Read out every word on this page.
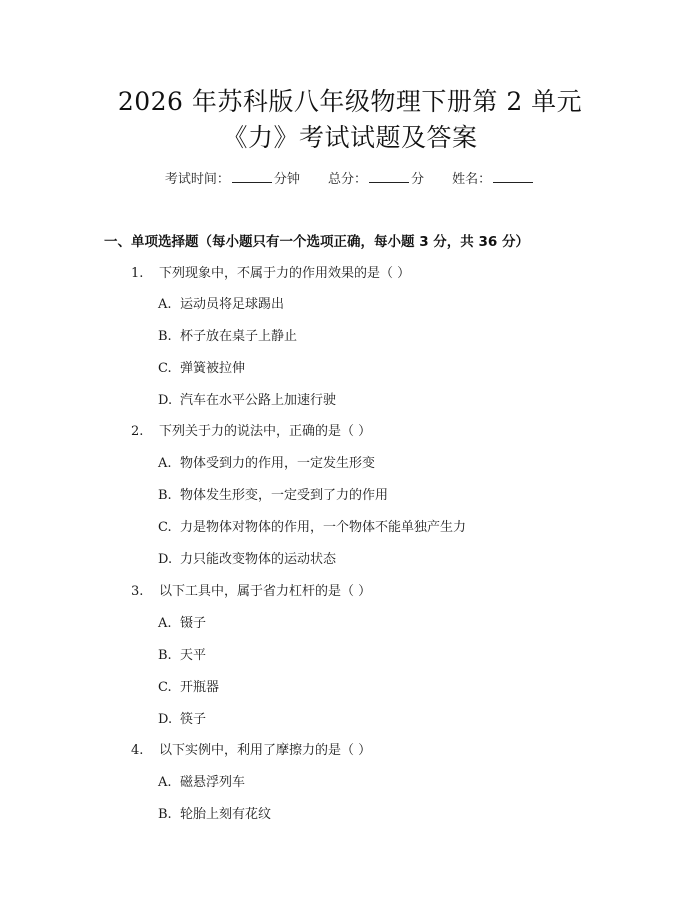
2026 年苏科版八年级物理下册第 2 单元
《力》考试试题及答案
考试时间：	分钟 总分：	分 姓名：
一、单项选择题（每小题只有一个选项正确，每小题 3 分，共 36 分）
1. 下列现象中，不属于力的作用效果的是（ ）
A. 运动员将足球踢出
B. 杯子放在桌子上静止
C. 弹簧被拉伸
D. 汽车在水平公路上加速行驶
2. 下列关于力的说法中，正确的是（ ）
A. 物体受到力的作用，一定发生形变
B. 物体发生形变，一定受到了力的作用
C. 力是物体对物体的作用，一个物体不能单独产生力
D. 力只能改变物体的运动状态
3. 以下工具中，属于省力杠杆的是（ ）
A. 镊子
B. 天平
C. 开瓶器
D. 筷子
4. 以下实例中，利用了摩擦力的是（ ）
A. 磁悬浮列车
B. 轮胎上刻有花纹
